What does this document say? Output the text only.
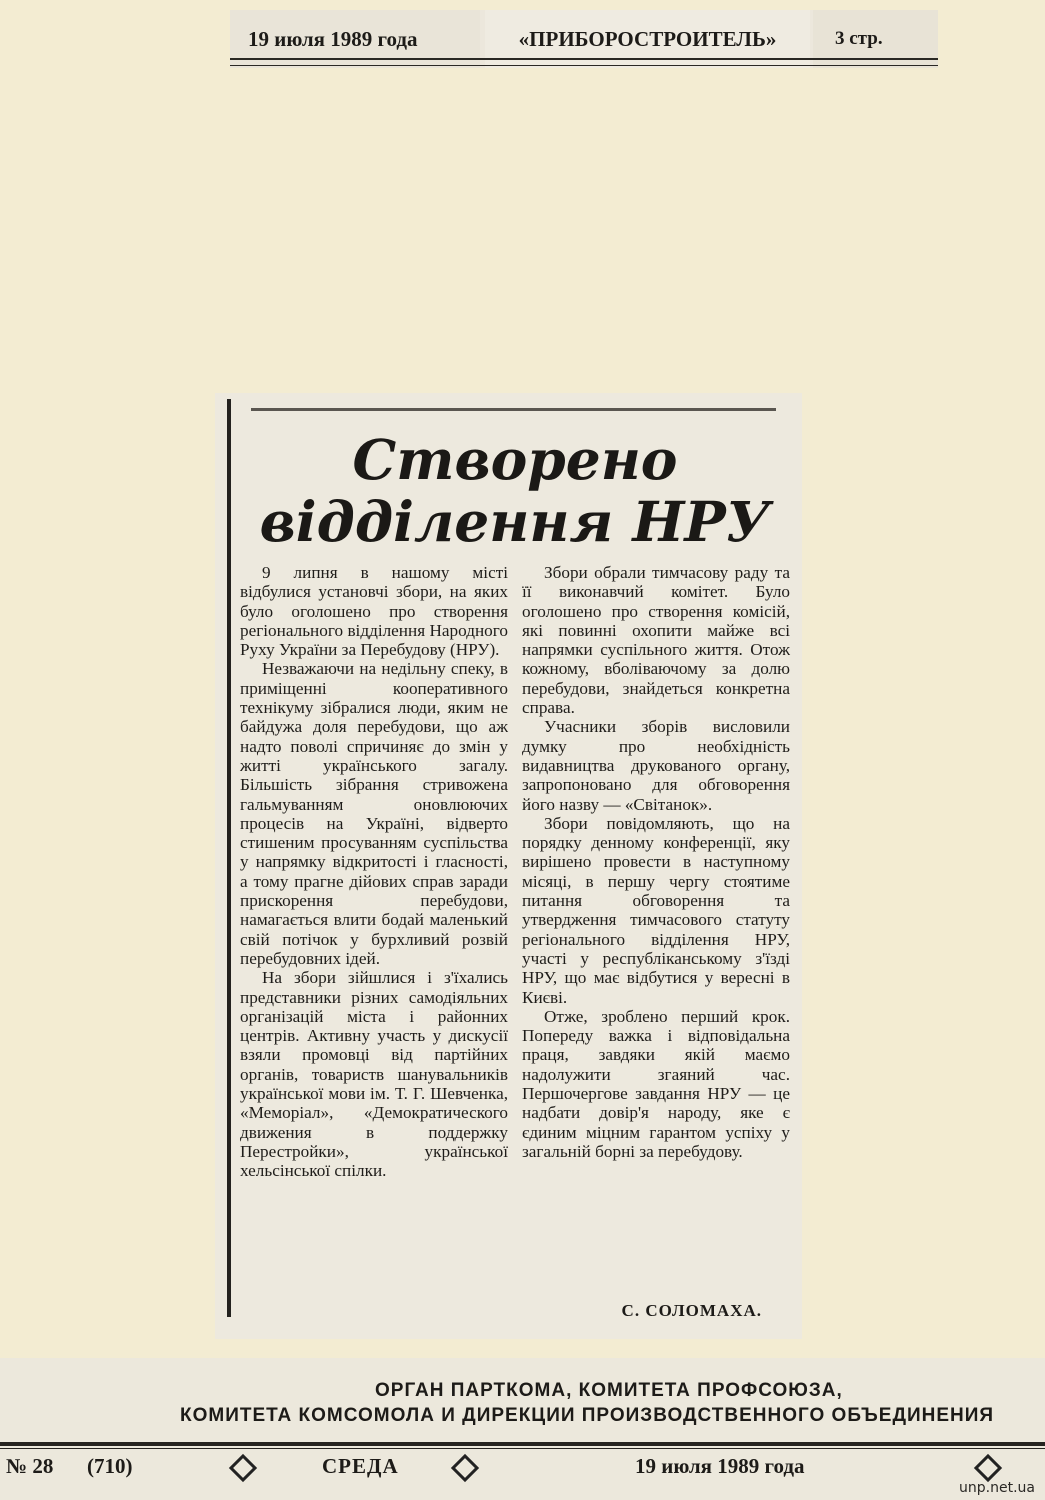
19 июля 1989 года	«ПРИБОРОСТРОИТЕЛЬ»	3 стр.
Створено
відділення НРУ

9 липня в нашому місті відбулися установчі збори, на яких було оголошено про створення регіонального відділення Народного Руху України за Перебудову (НРУ).

Незважаючи на недільну спеку, в приміщенні кооперативного технікуму зібралися люди, яким не байдужа доля перебудови, що аж надто поволі спричиняє до змін у житті українського загалу. Більшість зібрання стривожена гальмуванням оновлюючих процесів на Україні, відверто стишеним просуванням суспільства у напрямку відкритості і гласності, а тому прагне дійових справ заради прискорення перебудови, намагається влити бодай маленький свій потічок у бурхливий розвій перебудовних ідей.

На збори зійшлися і з'їхались представники різних самодіяльних організацій міста і районних центрів. Активну участь у дискусії взяли промовці від партійних органів, товариств шанувальників української мови ім. Т. Г. Шевченка, «Меморіал», «Демократического движения в поддержку Перестройки», української хельсінської спілки.

Збори обрали тимчасову раду та її виконавчий комітет. Було оголошено про створення комісій, які повинні охопити майже всі напрямки суспільного життя. Отож кожному, вболіваючому за долю перебудови, знайдеться конкретна справа.

Учасники зборів висловили думку про необхідність видавництва друкованого органу, запропоновано для обговорення його назву — «Світанок».

Збори повідомляють, що на порядку денному конференції, яку вирішено провести в наступному місяці, в першу чергу стоятиме питання обговорення та утвердження тимчасового статуту регіонального відділення НРУ, участі у республіканському з'їзді НРУ, що має відбутися у вересні в Києві.

Отже, зроблено перший крок. Попереду важка і відповідальна праця, завдяки якій маємо надолужити згаяний час. Першочергове завдання НРУ — це надбати довір'я народу, яке є єдиним міцним гарантом успіху у загальній борні за перебудову.

С. СОЛОМАХА.
ОРГАН ПАРТКОМА, КОМИТЕТА ПРОФСОЮЗА,
КОМИТЕТА КОМСОМОЛА И ДИРЕКЦИИ ПРОИЗВОДСТВЕННОГО ОБЪЕДИНЕНИЯ
№ 28 (710)	СРЕДА	19 июля 1989 года
unp.net.ua
